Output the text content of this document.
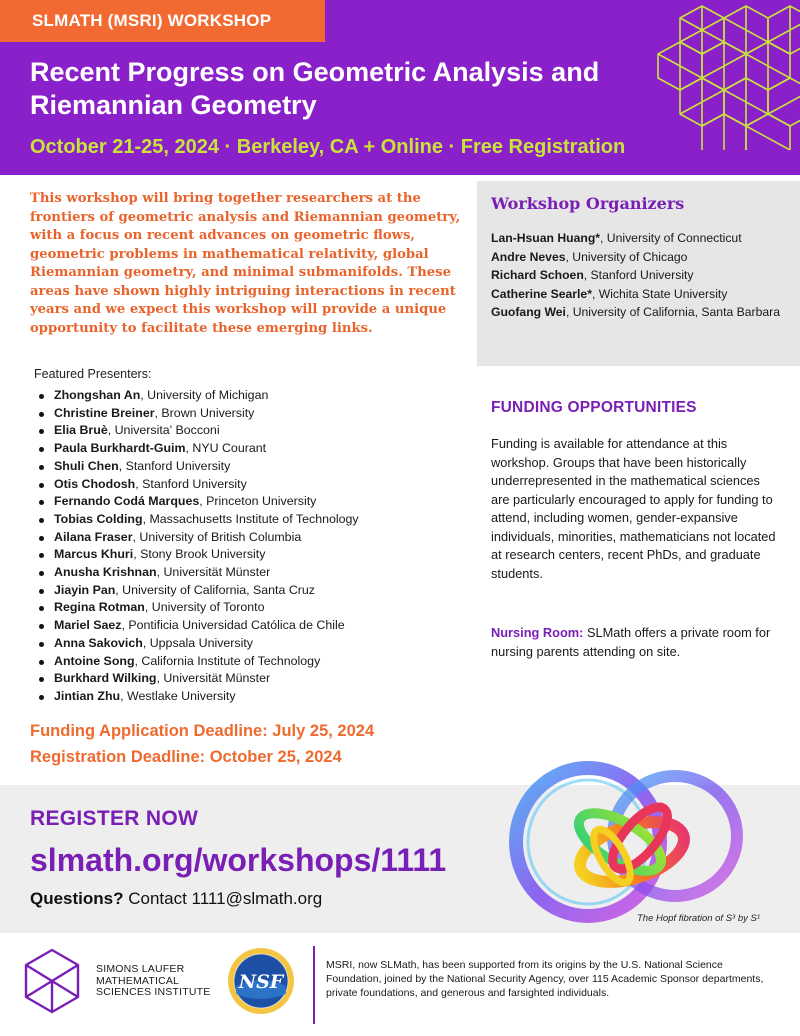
SLMATH (MSRI) WORKSHOP
Recent Progress on Geometric Analysis and Riemannian Geometry
October 21-25, 2024 · Berkeley, CA + Online · Free Registration
This workshop will bring together researchers at the frontiers of geometric analysis and Riemannian geometry, with a focus on recent advances on geometric flows, geometric problems in mathematical relativity, global Riemannian geometry, and minimal submanifolds. These areas have shown highly intriguing interactions in recent years and we expect this workshop will provide a unique opportunity to facilitate these emerging links.
Workshop Organizers
Lan-Hsuan Huang*, University of Connecticut
Andre Neves, University of Chicago
Richard Schoen, Stanford University
Catherine Searle*, Wichita State University
Guofang Wei, University of California, Santa Barbara
Featured Presenters:
Zhongshan An, University of Michigan
Christine Breiner, Brown University
Elia Bruè, Universita' Bocconi
Paula Burkhardt-Guim, NYU Courant
Shuli Chen, Stanford University
Otis Chodosh, Stanford University
Fernando Codá Marques, Princeton University
Tobias Colding, Massachusetts Institute of Technology
Ailana Fraser, University of British Columbia
Marcus Khuri, Stony Brook University
Anusha Krishnan, Universität Münster
Jiayin Pan, University of California, Santa Cruz
Regina Rotman, University of Toronto
Mariel Saez, Pontificia Universidad Católica de Chile
Anna Sakovich, Uppsala University
Antoine Song, California Institute of Technology
Burkhard Wilking, Universität Münster
Jintian Zhu, Westlake University
Funding Application Deadline: July 25, 2024
Registration Deadline: October 25, 2024
FUNDING OPPORTUNITIES
Funding is available for attendance at this workshop. Groups that have been historically underrepresented in the mathematical sciences are particularly encouraged to apply for funding to attend, including women, gender-expansive individuals, minorities, mathematicians not located at research centers, recent PhDs, and graduate students.
Nursing Room: SLMath offers a private room for nursing parents attending on site.
REGISTER NOW
slmath.org/workshops/1111
Questions? Contact 1111@slmath.org
The Hopf fibration of S³ by S¹
SIMONS LAUFER
MATHEMATICAL
SCIENCES INSTITUTE NSF
MSRI, now SLMath, has been supported from its origins by the U.S. National Science Foundation, joined by the National Security Agency, over 115 Academic Sponsor departments, private foundations, and generous and farsighted individuals.
